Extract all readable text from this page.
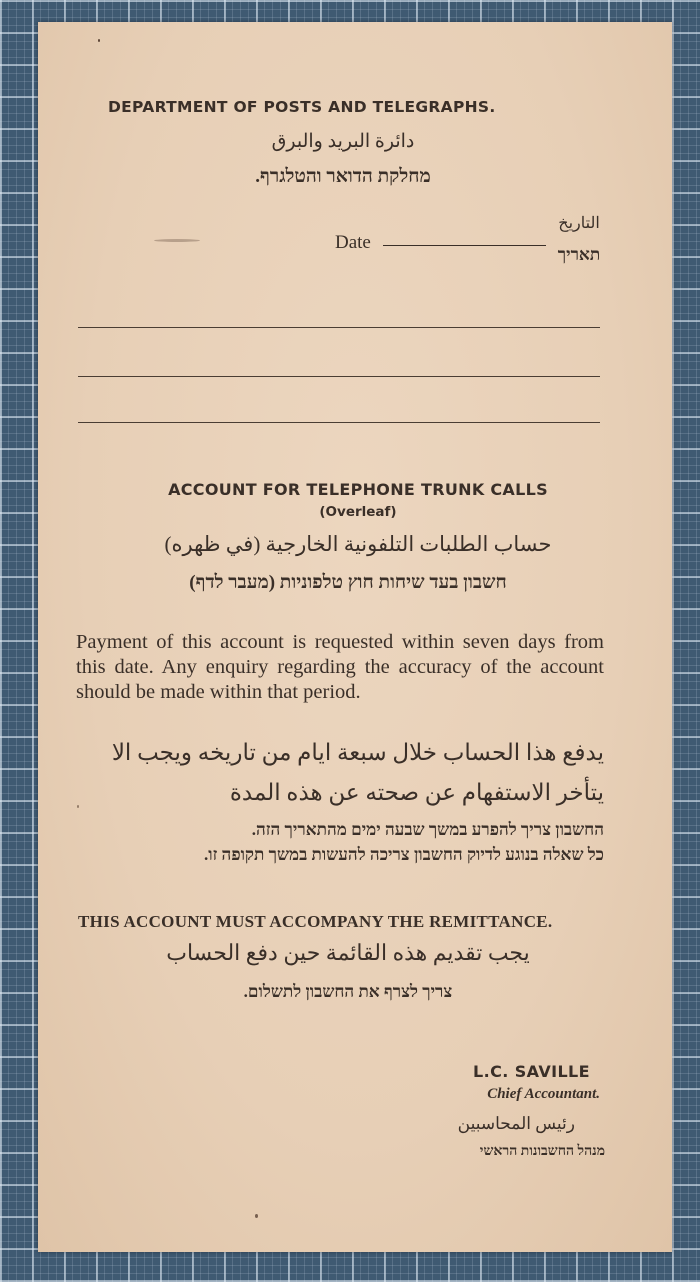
DEPARTMENT OF POSTS AND TELEGRAPHS.
دائرة البريد والبرق
מחלקת הדואר והטלגרף.
Date
التاريخ
תאריך
ACCOUNT FOR TELEPHONE TRUNK CALLS
(Overleaf)
حساب الطلبات التلفونية الخارجية (في ظهره)
חשבון בעד שיחות חוץ טלפוניות (מעבר לדף)
Payment of this account is requested within seven days from this date. Any enquiry regarding the accuracy of the account should be made within that period.
يدفع هذا الحساب خلال سبعة ايام من تاريخه ويجب الا
يتأخر الاستفهام عن صحته عن هذه المدة
החשבון צריך להפרע במשך שבעה ימים מהתאריך הזה.
כל שאלה בנוגע לדיוק החשבון צריכה להעשות במשך תקופה זו.
THIS ACCOUNT MUST ACCOMPANY THE REMITTANCE.
يجب تقديم هذه القائمة حين دفع الحساب
צריך לצרף את החשבון לתשלום.
L.C. SAVILLE
Chief Accountant.
رئيس المحاسبين
מנהל החשבונות הראשי
